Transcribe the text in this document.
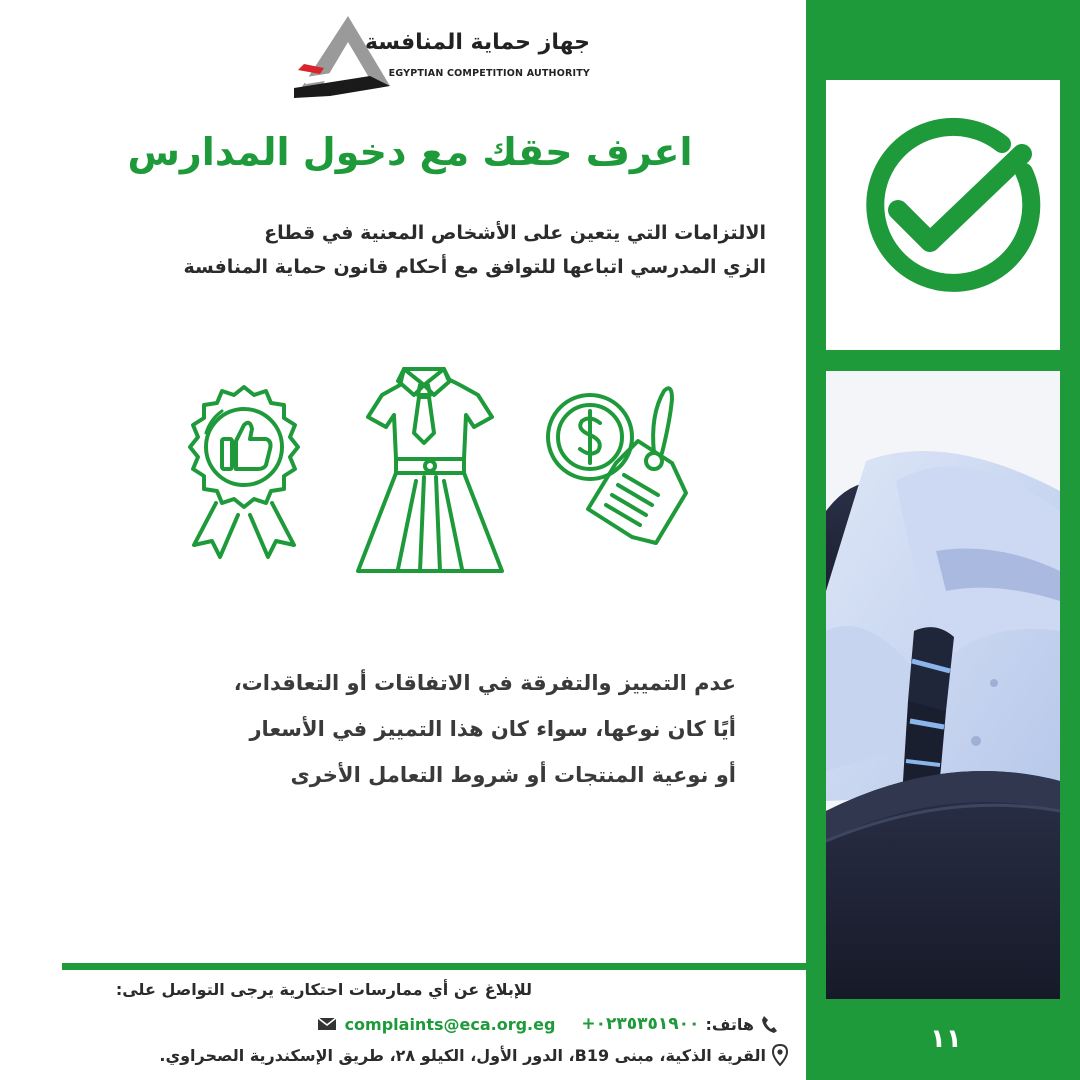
جهاز حماية المنافسة
EGYPTIAN COMPETITION AUTHORITY
اعرف حقك مع دخول المدارس
الالتزامات التي يتعين على الأشخاص المعنية في قطاع
الزي المدرسي اتباعها للتوافق مع أحكام قانون حماية المنافسة
عدم التمييز والتفرقة في الاتفاقات أو التعاقدات،
أيًا كان نوعها، سواء كان هذا التمييز في الأسعار
أو نوعية المنتجات أو شروط التعامل الأخرى
للإبلاغ عن أي ممارسات احتكارية يرجى التواصل على:
complaints@eca.org.eg	هاتف:
+٠٢٣٥٣٥١٩٠٠
القرية الذكية، مبنى B19، الدور الأول، الكيلو ٢٨، طريق الإسكندرية الصحراوي.
١١
